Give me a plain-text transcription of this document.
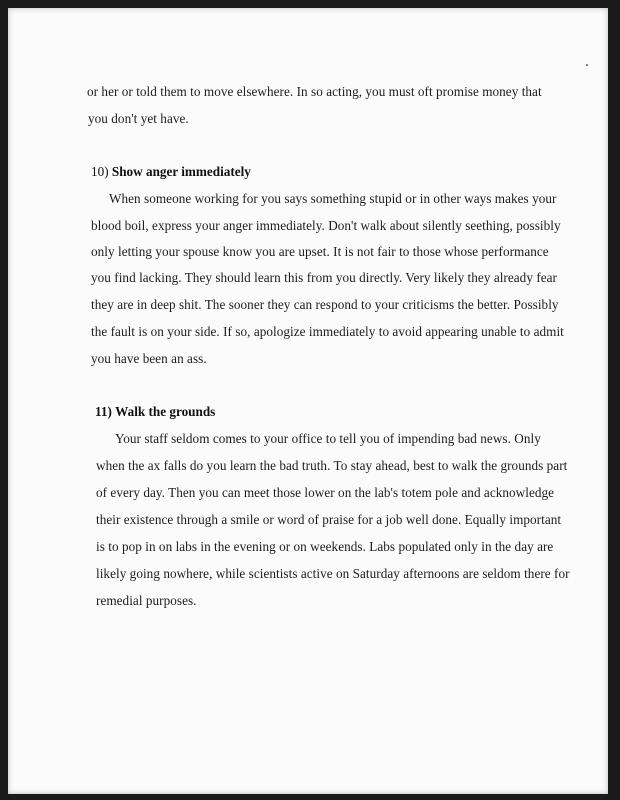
or her or told them to move elsewhere. In so acting, you must oft promise money that
you don't yet have.
10) Show anger immediately
When someone working for you says something stupid or in other ways makes your
blood boil, express your anger immediately. Don't walk about silently seething, possibly
only letting your spouse know you are upset. It is not fair to those whose performance
you find lacking. They should learn this from you directly. Very likely they already fear
they are in deep shit. The sooner they can respond to your criticisms the better. Possibly
the fault is on your side. If so, apologize immediately to avoid appearing unable to admit
you have been an ass.
11) Walk the grounds
Your staff seldom comes to your office to tell you of impending bad news. Only
when the ax falls do you learn the bad truth. To stay ahead, best to walk the grounds part
of every day. Then you can meet those lower on the lab's totem pole and acknowledge
their existence through a smile or word of praise for a job well done. Equally important
is to pop in on labs in the evening or on weekends. Labs populated only in the day are
likely going nowhere, while scientists active on Saturday afternoons are seldom there for
remedial purposes.
